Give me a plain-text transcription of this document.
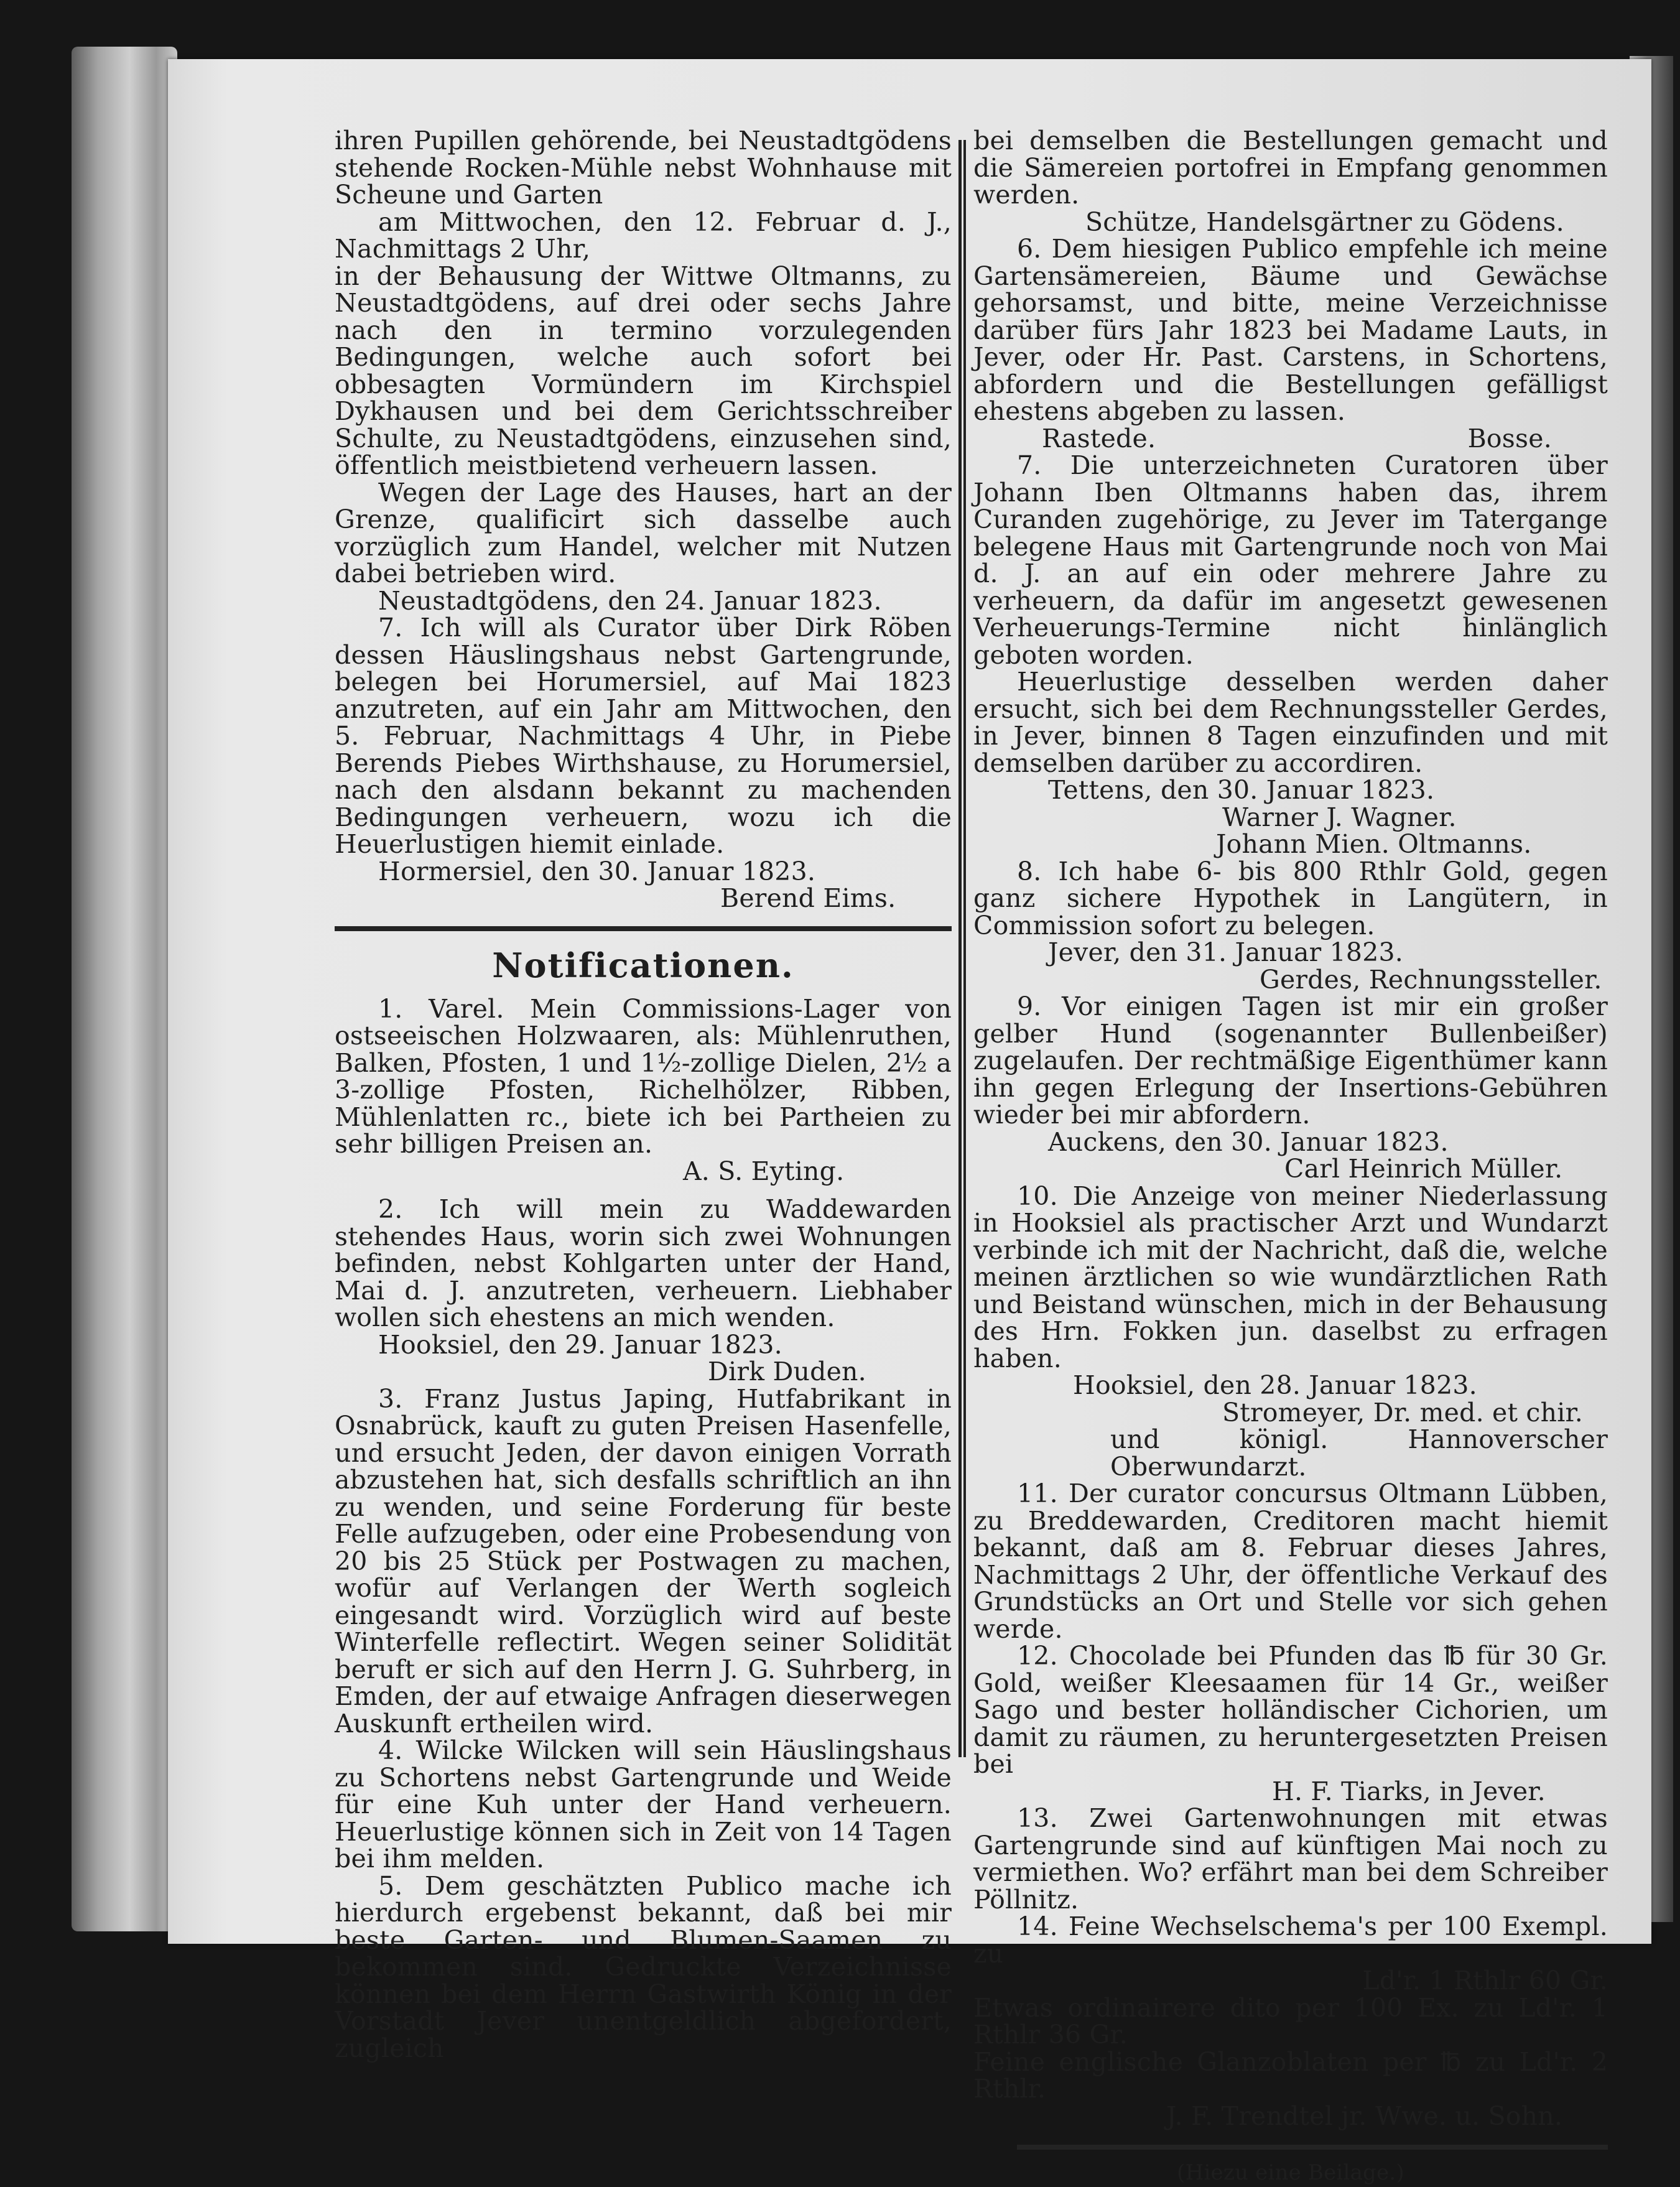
ihren Pupillen gehörende, bei Neustadtgödens stehende Rocken-Mühle nebst Wohnhause mit Scheune und Garten

am Mittwochen, den 12. Februar d. J., Nachmittags 2 Uhr,

in der Behausung der Wittwe Oltmanns, zu Neustadtgödens, auf drei oder sechs Jahre nach den in termino vorzulegenden Bedingungen, welche auch sofort bei obbesagten Vormündern im Kirchspiel Dykhausen und bei dem Gerichtsschreiber Schulte, zu Neustadtgödens, einzusehen sind, öffentlich meistbietend verheuern lassen.

Wegen der Lage des Hauses, hart an der Grenze, qualificirt sich dasselbe auch vorzüglich zum Handel, welcher mit Nutzen dabei betrieben wird.

Neustadtgödens, den 24. Januar 1823.

7. Ich will als Curator über Dirk Röben dessen Häuslingshaus nebst Gartengrunde, belegen bei Horumersiel, auf Mai 1823 anzutreten, auf ein Jahr am Mittwochen, den 5. Februar, Nachmittags 4 Uhr, in Piebe Berends Piebes Wirthshause, zu Horumersiel, nach den alsdann bekannt zu machenden Bedingungen verheuern, wozu ich die Heuerlustigen hiemit einlade.

Hormersiel, den 30. Januar 1823.

Berend Eims.

Notificationen.

1. Varel. Mein Commissions-Lager von ostseeischen Holzwaaren, als: Mühlenruthen, Balken, Pfosten, 1 und 1½-zollige Dielen, 2½ a 3-zollige Pfosten, Richelhölzer, Ribben, Mühlenlatten rc., biete ich bei Partheien zu sehr billigen Preisen an.

A. S. Eyting.

2. Ich will mein zu Waddewarden stehendes Haus, worin sich zwei Wohnungen befinden, nebst Kohlgarten unter der Hand, Mai d. J. anzutreten, verheuern. Liebhaber wollen sich ehestens an mich wenden.

Hooksiel, den 29. Januar 1823.

Dirk Duden.

3. Franz Justus Japing, Hutfabrikant in Osnabrück, kauft zu guten Preisen Hasenfelle, und ersucht Jeden, der davon einigen Vorrath abzustehen hat, sich desfalls schriftlich an ihn zu wenden, und seine Forderung für beste Felle aufzugeben, oder eine Probesendung von 20 bis 25 Stück per Postwagen zu machen, wofür auf Verlangen der Werth sogleich eingesandt wird. Vorzüglich wird auf beste Winterfelle reflectirt. Wegen seiner Solidität beruft er sich auf den Herrn J. G. Suhrberg, in Emden, der auf etwaige Anfragen dieserwegen Auskunft ertheilen wird.

4. Wilcke Wilcken will sein Häuslingshaus zu Schortens nebst Gartengrunde und Weide für eine Kuh unter der Hand verheuern. Heuerlustige können sich in Zeit von 14 Tagen bei ihm melden.

5. Dem geschätzten Publico mache ich hierdurch ergebenst bekannt, daß bei mir beste Garten- und Blumen-Saamen zu bekommen sind. Gedruckte Verzeichnisse können bei dem Herrn Gastwirth König in der Vorstadt Jever unentgeldlich abgefordert, zugleich

bei demselben die Bestellungen gemacht und die Sämereien portofrei in Empfang genommen werden.

Schütze, Handelsgärtner zu Gödens.

6. Dem hiesigen Publico empfehle ich meine Gartensämereien, Bäume und Gewächse gehorsamst, und bitte, meine Verzeichnisse darüber fürs Jahr 1823 bei Madame Lauts, in Jever, oder Hr. Past. Carstens, in Schortens, abfordern und die Bestellungen gefälligst ehestens abgeben zu lassen.

Rastede.	Bosse.

7. Die unterzeichneten Curatoren über Johann Iben Oltmanns haben das, ihrem Curanden zugehörige, zu Jever im Tatergange belegene Haus mit Gartengrunde noch von Mai d. J. an auf ein oder mehrere Jahre zu verheuern, da dafür im angesetzt gewesenen Verheuerungs-Termine nicht hinlänglich geboten worden.

Heuerlustige desselben werden daher ersucht, sich bei dem Rechnungssteller Gerdes, in Jever, binnen 8 Tagen einzufinden und mit demselben darüber zu accordiren.

Tettens, den 30. Januar 1823.

Warner J. Wagner.

Johann Mien. Oltmanns.

8. Ich habe 6- bis 800 Rthlr Gold, gegen ganz sichere Hypothek in Langütern, in Commission sofort zu belegen.

Jever, den 31. Januar 1823.

Gerdes, Rechnungssteller.

9. Vor einigen Tagen ist mir ein großer gelber Hund (sogenannter Bullenbeißer) zugelaufen. Der rechtmäßige Eigenthümer kann ihn gegen Erlegung der Insertions-Gebühren wieder bei mir abfordern.

Auckens, den 30. Januar 1823.

Carl Heinrich Müller.

10. Die Anzeige von meiner Niederlassung in Hooksiel als practischer Arzt und Wundarzt verbinde ich mit der Nachricht, daß die, welche meinen ärztlichen so wie wundärztlichen Rath und Beistand wünschen, mich in der Behausung des Hrn. Fokken jun. daselbst zu erfragen haben.

Hooksiel, den 28. Januar 1823.

Stromeyer, Dr. med. et chir.

und königl. Hannoverscher Oberwundarzt.

11. Der curator concursus Oltmann Lübben, zu Breddewarden, Creditoren macht hiemit bekannt, daß am 8. Februar dieses Jahres, Nachmittags 2 Uhr, der öffentliche Verkauf des Grundstücks an Ort und Stelle vor sich gehen werde.

12. Chocolade bei Pfunden das ℔ für 30 Gr. Gold, weißer Kleesaamen für 14 Gr., weißer Sago und bester holländischer Cichorien, um damit zu räumen, zu heruntergesetzten Preisen bei

H. F. Tiarks, in Jever.

13. Zwei Gartenwohnungen mit etwas Gartengrunde sind auf künftigen Mai noch zu vermiethen. Wo? erfährt man bei dem Schreiber Pöllnitz.

14. Feine Wechselschema's per 100 Exempl. zu

Ld'r. 1 Rthlr 60 Gr.

Etwas ordinairere dito per 100 Ex. zu Ld'r. 1 Rthlr 36 Gr.

Feine englische Glanzoblaten per ℔ zu Ld'r. 2 Rthlr.

J. F. Trendtel jr. Wwe. u. Sohn.

(Hiezu eine Beilage.)
